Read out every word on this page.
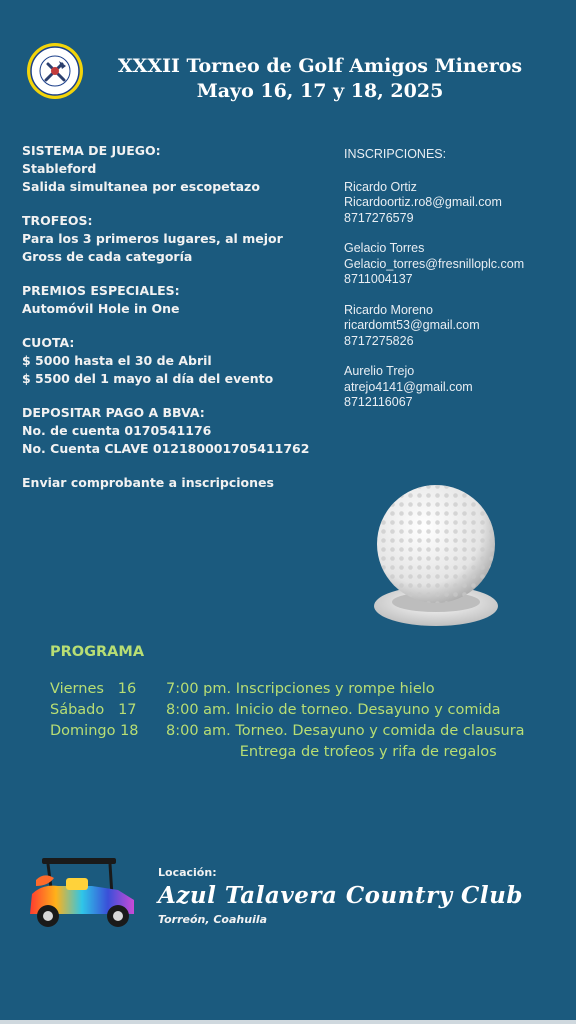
XXXII Torneo de Golf Amigos Mineros
Mayo 16, 17 y 18, 2025
SISTEMA DE JUEGO:
Stableford
Salida simultanea por escopetazo
TROFEOS:
Para los 3 primeros lugares, al mejor
Gross de cada categoría
PREMIOS ESPECIALES:
Automóvil Hole in One
CUOTA:
$ 5000 hasta el 30 de Abril
$ 5500 del 1 mayo al día del evento
DEPOSITAR PAGO A BBVA:
No. de cuenta 0170541176
No. Cuenta CLAVE 012180001705411762
Enviar comprobante a inscripciones
INSCRIPCIONES:
Ricardo Ortiz
Ricardoortiz.ro8@gmail.com
8717276579
Gelacio Torres
Gelacio_torres@fresnilloplc.com
8711004137
Ricardo Moreno
ricardomt53@gmail.com
8717275826
Aurelio Trejo
atrejo4141@gmail.com
8712116067
PROGRAMA
Viernes   16	7:00 pm. Inscripciones y rompe hielo
Sábado   17	8:00 am. Inicio de torneo. Desayuno y comida
Domingo 18	8:00 am. Torneo. Desayuno y comida de clausura
Entrega de trofeos y rifa de regalos
Locación:
Azul Talavera Country Club
Torreón, Coahuila
